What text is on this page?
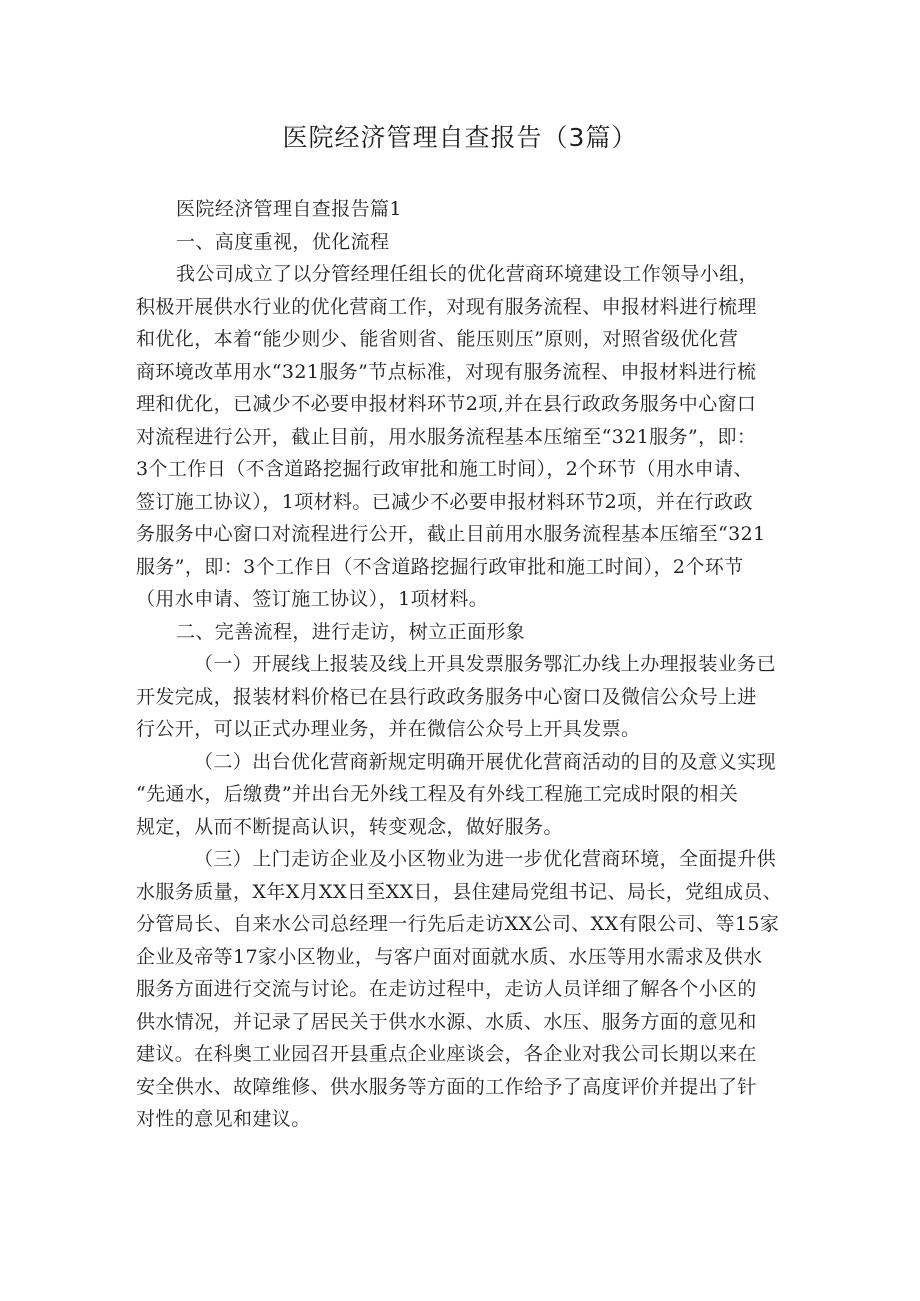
医院经济管理自查报告（3篇）

医院经济管理自查报告篇1

一、高度重视，优化流程

我公司成立了以分管经理任组长的优化营商环境建设工作领导小组，

积极开展供水行业的优化营商工作，对现有服务流程、申报材料进行梳理

和优化，本着“能少则少、能省则省、能压则压”原则，对照省级优化营

商环境改革用水“321服务”节点标准，对现有服务流程、申报材料进行梳

理和优化，已减少不必要申报材料环节2项,并在县行政政务服务中心窗口

对流程进行公开，截止目前，用水服务流程基本压缩至“321服务”，即：

3个工作日（不含道路挖掘行政审批和施工时间），2个环节（用水申请、

签订施工协议），1项材料。已减少不必要申报材料环节2项，并在行政政

务服务中心窗口对流程进行公开，截止目前用水服务流程基本压缩至“321

服务”，即：3个工作日（不含道路挖掘行政审批和施工时间），2个环节

（用水申请、签订施工协议），1项材料。

二、完善流程，进行走访，树立正面形象

（一）开展线上报装及线上开具发票服务鄂汇办线上办理报装业务已

开发完成，报装材料价格已在县行政政务服务中心窗口及微信公众号上进

行公开，可以正式办理业务，并在微信公众号上开具发票。

（二）出台优化营商新规定明确开展优化营商活动的目的及意义实现

“先通水，后缴费”并出台无外线工程及有外线工程施工完成时限的相关

规定，从而不断提高认识，转变观念，做好服务。

（三）上门走访企业及小区物业为进一步优化营商环境，全面提升供

水服务质量，X年X月XX日至XX日，县住建局党组书记、局长，党组成员、

分管局长、自来水公司总经理一行先后走访XX公司、XX有限公司、等15家

企业及帝等17家小区物业，与客户面对面就水质、水压等用水需求及供水

服务方面进行交流与讨论。在走访过程中，走访人员详细了解各个小区的

供水情况，并记录了居民关于供水水源、水质、水压、服务方面的意见和

建议。在科奥工业园召开县重点企业座谈会，各企业对我公司长期以来在

安全供水、故障维修、供水服务等方面的工作给予了高度评价并提出了针

对性的意见和建议。
